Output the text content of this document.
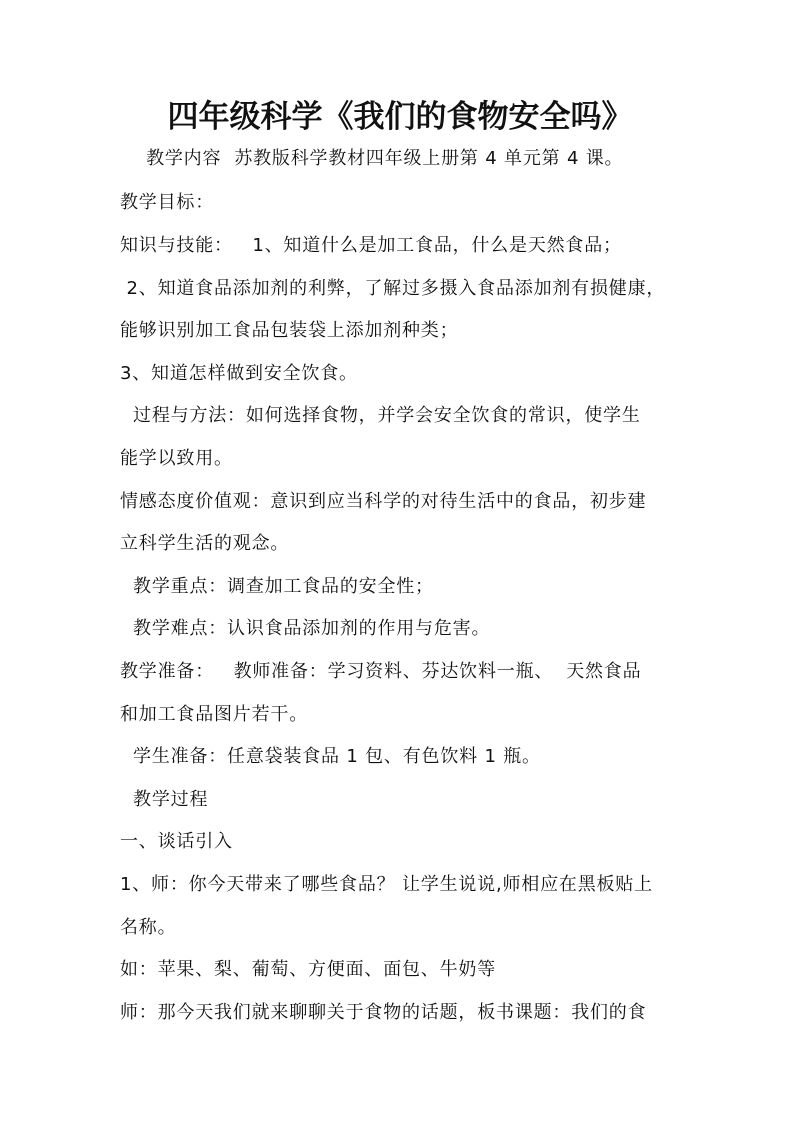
四年级科学《我们的食物安全吗》
教学内容  苏教版科学教材四年级上册第 4 单元第 4 课。
教学目标：
知识与技能：   1、知道什么是加工食品，什么是天然食品；
2、知道食品添加剂的利弊，了解过多摄入食品添加剂有损健康，
能够识别加工食品包装袋上添加剂种类；
3、知道怎样做到安全饮食。
过程与方法：如何选择食物，并学会安全饮食的常识，使学生
能学以致用。
情感态度价值观：意识到应当科学的对待生活中的食品，初步建
立科学生活的观念。
教学重点：调查加工食品的安全性；
教学难点：认识食品添加剂的作用与危害。
教学准备：   教师准备：学习资料、芬达饮料一瓶、  天然食品
和加工食品图片若干。
学生准备：任意袋装食品 1 包、有色饮料 1 瓶。
教学过程
一、谈话引入
1、师：你今天带来了哪些食品？ 让学生说说,师相应在黑板贴上
名称。
如：苹果、梨、葡萄、方便面、面包、牛奶等
师：那今天我们就来聊聊关于食物的话题，板书课题：我们的食
